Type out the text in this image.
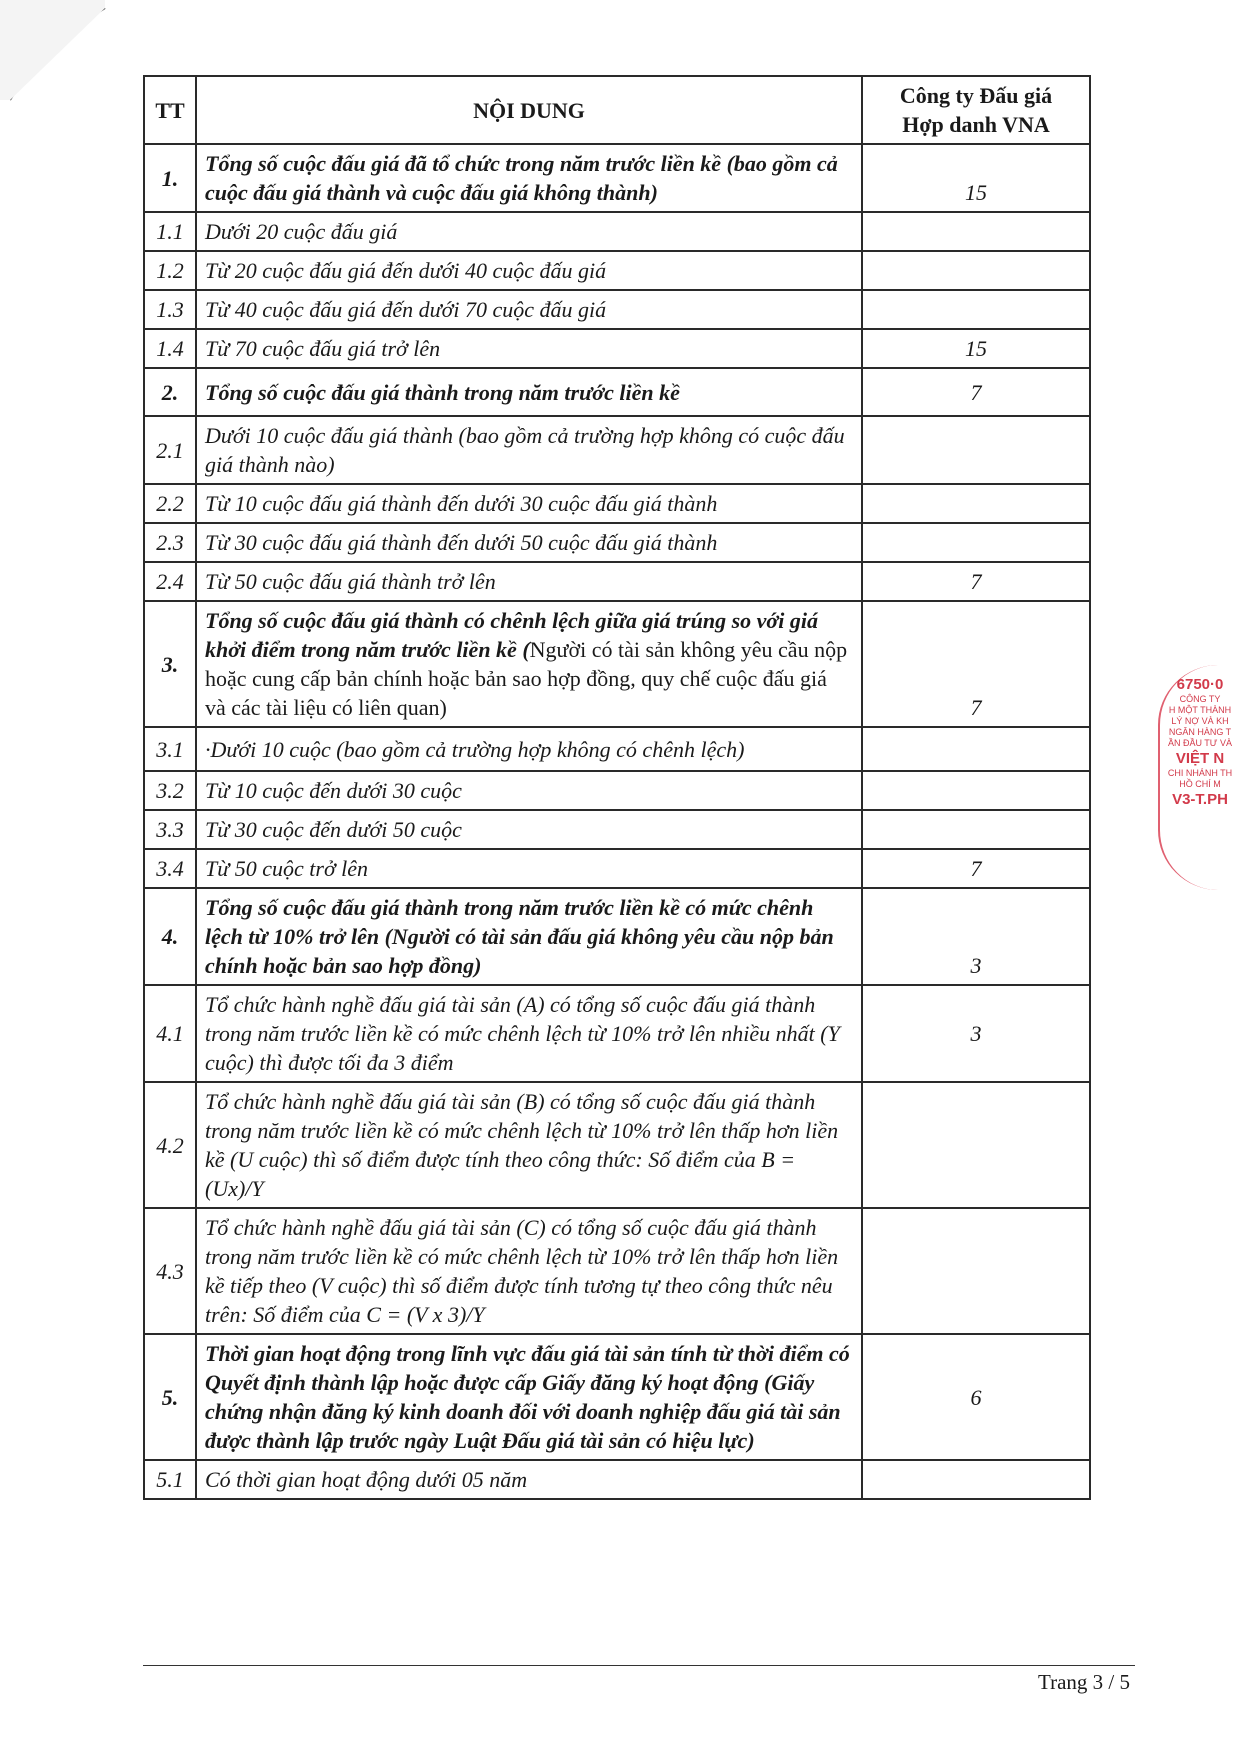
TT	NỘI DUNG	Công ty Đấu giá Hợp danh VNA
1.	Tổng số cuộc đấu giá đã tổ chức trong năm trước liền kề (bao gồm cả cuộc đấu giá thành và cuộc đấu giá không thành)	15
1.1	Dưới 20 cuộc đấu giá	
1.2	Từ 20 cuộc đấu giá đến dưới 40 cuộc đấu giá	
1.3	Từ 40 cuộc đấu giá đến dưới 70 cuộc đấu giá	
1.4	Từ 70 cuộc đấu giá trở lên	15
2.	Tổng số cuộc đấu giá thành trong năm trước liền kề	7
2.1	Dưới 10 cuộc đấu giá thành (bao gồm cả trường hợp không có cuộc đấu giá thành nào)	
2.2	Từ 10 cuộc đấu giá thành đến dưới 30 cuộc đấu giá thành	
2.3	Từ 30 cuộc đấu giá thành đến dưới 50 cuộc đấu giá thành	
2.4	Từ 50 cuộc đấu giá thành trở lên	7
3.	Tổng số cuộc đấu giá thành có chênh lệch giữa giá trúng so với giá khởi điểm trong năm trước liền kề (Người có tài sản không yêu cầu nộp hoặc cung cấp bản chính hoặc bản sao hợp đồng, quy chế cuộc đấu giá và các tài liệu có liên quan)	7
3.1	·Dưới 10 cuộc (bao gồm cả trường hợp không có chênh lệch)	
3.2	Từ 10 cuộc đến dưới 30 cuộc	
3.3	Từ 30 cuộc đến dưới 50 cuộc	
3.4	Từ 50 cuộc trở lên	7
4.	Tổng số cuộc đấu giá thành trong năm trước liền kề có mức chênh lệch từ 10% trở lên (Người có tài sản đấu giá không yêu cầu nộp bản chính hoặc bản sao hợp đồng)	3
4.1	Tổ chức hành nghề đấu giá tài sản (A) có tổng số cuộc đấu giá thành trong năm trước liền kề có mức chênh lệch từ 10% trở lên nhiều nhất (Y cuộc) thì được tối đa 3 điểm	3
4.2	Tổ chức hành nghề đấu giá tài sản (B) có tổng số cuộc đấu giá thành trong năm trước liền kề có mức chênh lệch từ 10% trở lên thấp hơn liền kề (U cuộc) thì số điểm được tính theo công thức: Số điểm của B = (Ux)/Y	
4.3	Tổ chức hành nghề đấu giá tài sản (C) có tổng số cuộc đấu giá thành trong năm trước liền kề có mức chênh lệch từ 10% trở lên thấp hơn liền kề tiếp theo (V cuộc) thì số điểm được tính tương tự theo công thức nêu trên: Số điểm của C = (V x 3)/Y	
5.	Thời gian hoạt động trong lĩnh vực đấu giá tài sản tính từ thời điểm có Quyết định thành lập hoặc được cấp Giấy đăng ký hoạt động (Giấy chứng nhận đăng ký kinh doanh đối với doanh nghiệp đấu giá tài sản được thành lập trước ngày Luật Đấu giá tài sản có hiệu lực)	6
5.1	Có thời gian hoạt động dưới 05 năm	
6750·0
CÔNG TY
H MỘT THÀNH
LÝ NỢ VÀ KH
NGÂN HÀNG T
ẦN ĐẦU TƯ VÀ
VIỆT N
CHI NHÁNH TH
HỒ CHÍ M
V3-T.PH
Trang 3 / 5
